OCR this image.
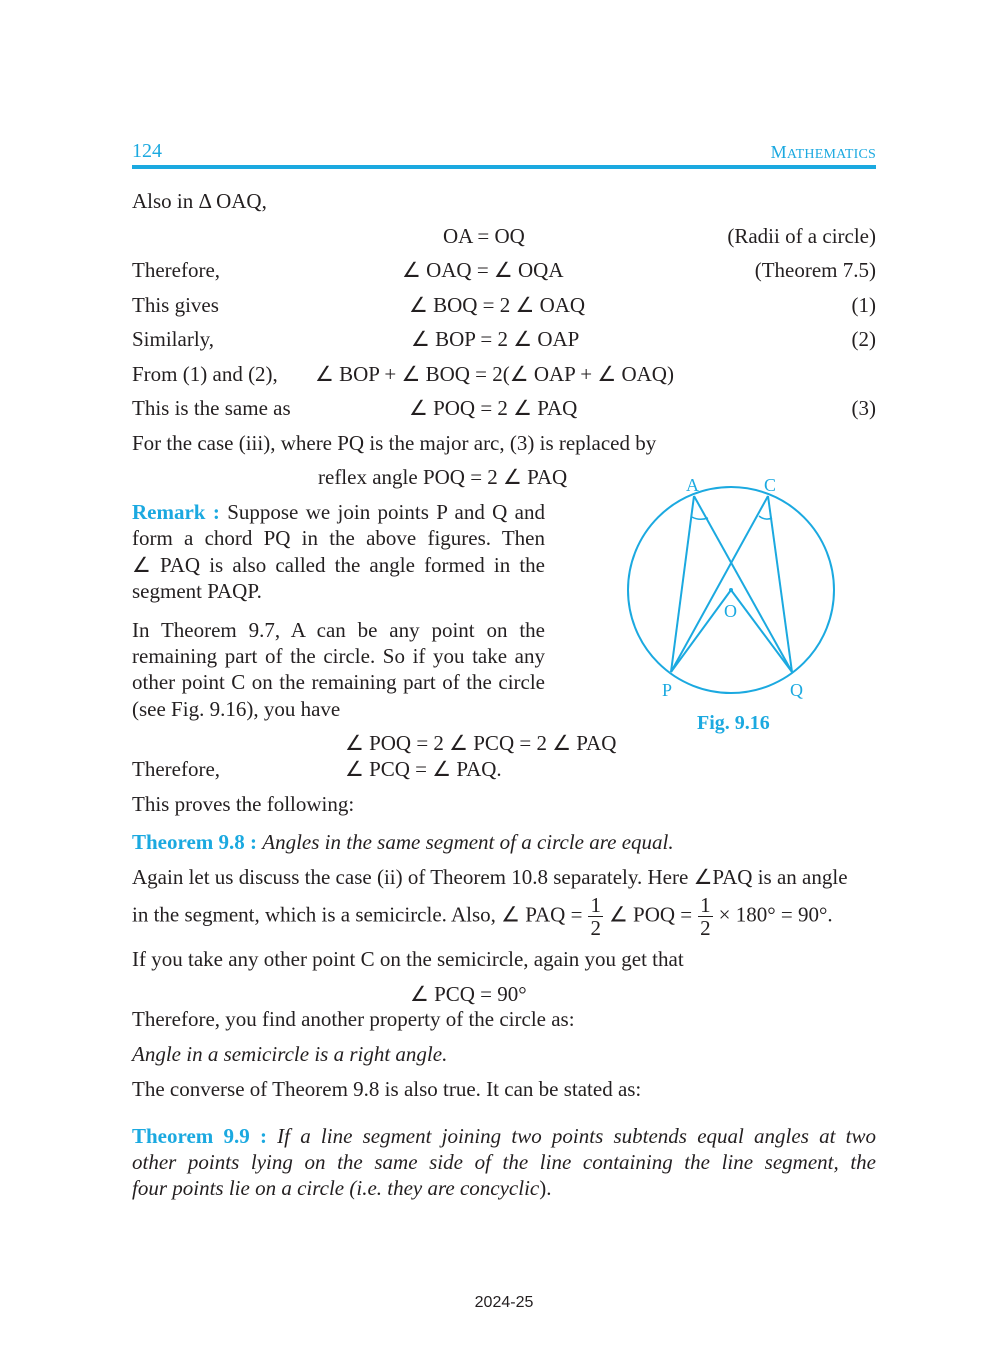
124	MATHEMATICS
Also in Δ OAQ,
OA = OQ	(Radii of a circle)
Therefore,	∠ OAQ = ∠ OQA	(Theorem 7.5)
This gives	∠ BOQ = 2 ∠ OAQ	(1)
Similarly,	∠ BOP = 2 ∠ OAP	(2)
From (1) and (2), ∠ BOP + ∠ BOQ = 2(∠ OAP + ∠ OAQ)
This is the same as	∠ POQ = 2 ∠ PAQ	(3)
For the case (iii), where PQ is the major arc, (3) is replaced by
reflex angle POQ = 2 ∠ PAQ
Remark : Suppose we join points P and Q and
form a chord PQ in the above figures. Then
∠ PAQ is also called the angle formed in the
segment PAQP.
In Theorem 9.7, A can be any point on the
remaining part of the circle. So if you take any
other point C on the remaining part of the circle
(see Fig. 9.16), you have
A	C
O
P	Q
Fig. 9.16
∠ POQ = 2 ∠ PCQ = 2 ∠ PAQ
Therefore,	∠ PCQ = ∠ PAQ.
This proves the following:
Theorem 9.8 : Angles in the same segment of a circle are equal.
Again let us discuss the case (ii) of Theorem 10.8 separately. Here ∠PAQ is an angle
in the segment, which is a semicircle. Also, ∠ PAQ = $\frac{1}{2}$ ∠ POQ = $\frac{1}{2} \times 180^\circ = 90^\circ$.
If you take any other point C on the semicircle, again you get that
∠ PCQ = 90°
Therefore, you find another property of the circle as:
Angle in a semicircle is a right angle.
The converse of Theorem 9.8 is also true. It can be stated as:
Theorem 9.9 : If a line segment joining two points subtends equal angles at two
other points lying on the same side of the line containing the line segment, the
four points lie on a circle (i.e. they are concyclic).
2024-25
